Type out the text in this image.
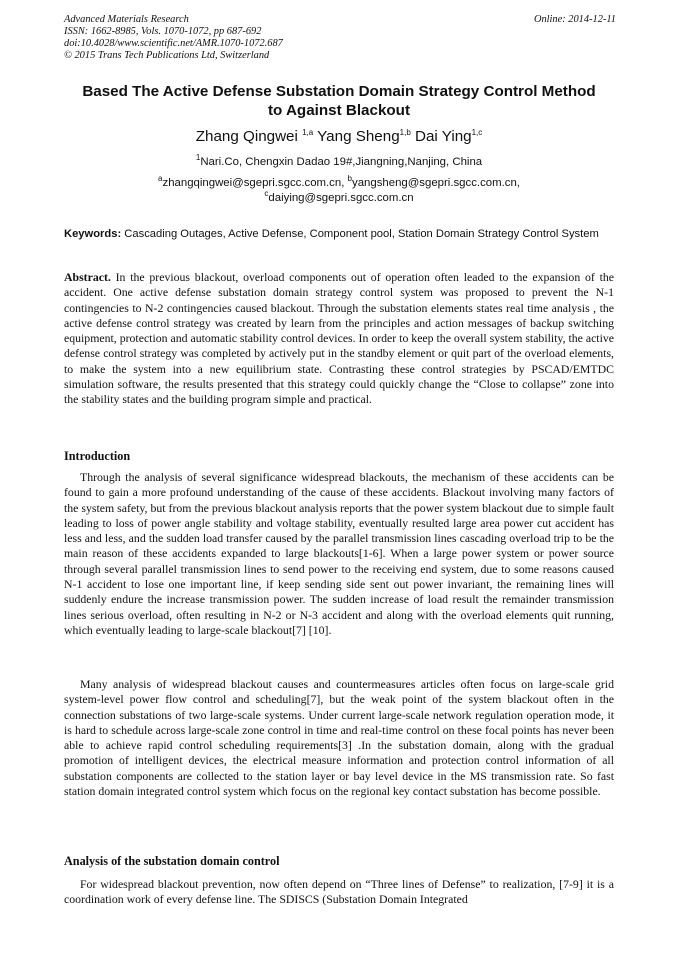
Advanced Materials Research
ISSN: 1662-8985, Vols. 1070-1072, pp 687-692
doi:10.4028/www.scientific.net/AMR.1070-1072.687
© 2015 Trans Tech Publications Ltd, Switzerland
Online: 2014-12-11
Based The Active Defense Substation Domain Strategy Control Method
to Against Blackout
Zhang Qingwei $^{1,a}$ Yang Sheng$^{1,b}$ Dai Ying$^{1,c}$
$^1$Nari.Co, Chengxin Dadao 19#,Jiangning,Nanjing, China
$^a$zhangqingwei@sgepri.sgcc.com.cn, $^b$yangsheng@sgepri.sgcc.com.cn,
$^c$daiying@sgepri.sgcc.com.cn
Keywords: Cascading Outages, Active Defense, Component pool, Station Domain Strategy Control System

Abstract. In the previous blackout, overload components out of operation often leaded to the expansion of the accident. One active defense substation domain strategy control system was proposed to prevent the N-1 contingencies to N-2 contingencies caused blackout. Through the substation elements states real time analysis , the active defense control strategy was created by learn from the principles and action messages of backup switching equipment, protection and automatic stability control devices. In order to keep the overall system stability, the active defense control strategy was completed by actively put in the standby element or quit part of the overload elements, to make the system into a new equilibrium state. Contrasting these control strategies by PSCAD/EMTDC simulation software, the results presented that this strategy could quickly change the “Close to collapse” zone into the stability states and the building program simple and practical.

Introduction

Through the analysis of several significance widespread blackouts, the mechanism of these accidents can be found to gain a more profound understanding of the cause of these accidents. Blackout involving many factors of the system safety, but from the previous blackout analysis reports that the power system blackout due to simple fault leading to loss of power angle stability and voltage stability, eventually resulted large area power cut accident has less and less, and the sudden load transfer caused by the parallel transmission lines cascading overload trip to be the main reason of these accidents expanded to large blackouts[1-6]. When a large power system or power source through several parallel transmission lines to send power to the receiving end system, due to some reasons caused N-1 accident to lose one important line, if keep sending side sent out power invariant, the remaining lines will suddenly endure the increase transmission power. The sudden increase of load result the remainder transmission lines serious overload, often resulting in N-2 or N-3 accident and along with the overload elements quit running, which eventually leading to large-scale blackout[7] [10].

Many analysis of widespread blackout causes and countermeasures articles often focus on large-scale grid system-level power flow control and scheduling[7], but the weak point of the system blackout often in the connection substations of two large-scale systems. Under current large-scale network regulation operation mode, it is hard to schedule across large-scale zone control in time and real-time control on these focal points has never been able to achieve rapid control scheduling requirements[3] .In the substation domain, along with the gradual promotion of intelligent devices, the electrical measure information and protection control information of all substation components are collected to the station layer or bay level device in the MS transmission rate. So fast station domain integrated control system which focus on the regional key contact substation has become possible.

Analysis of the substation domain control

For widespread blackout prevention, now often depend on “Three lines of Defense” to realization, [7-9] it is a coordination work of every defense line. The SDISCS (Substation Domain Integrated
